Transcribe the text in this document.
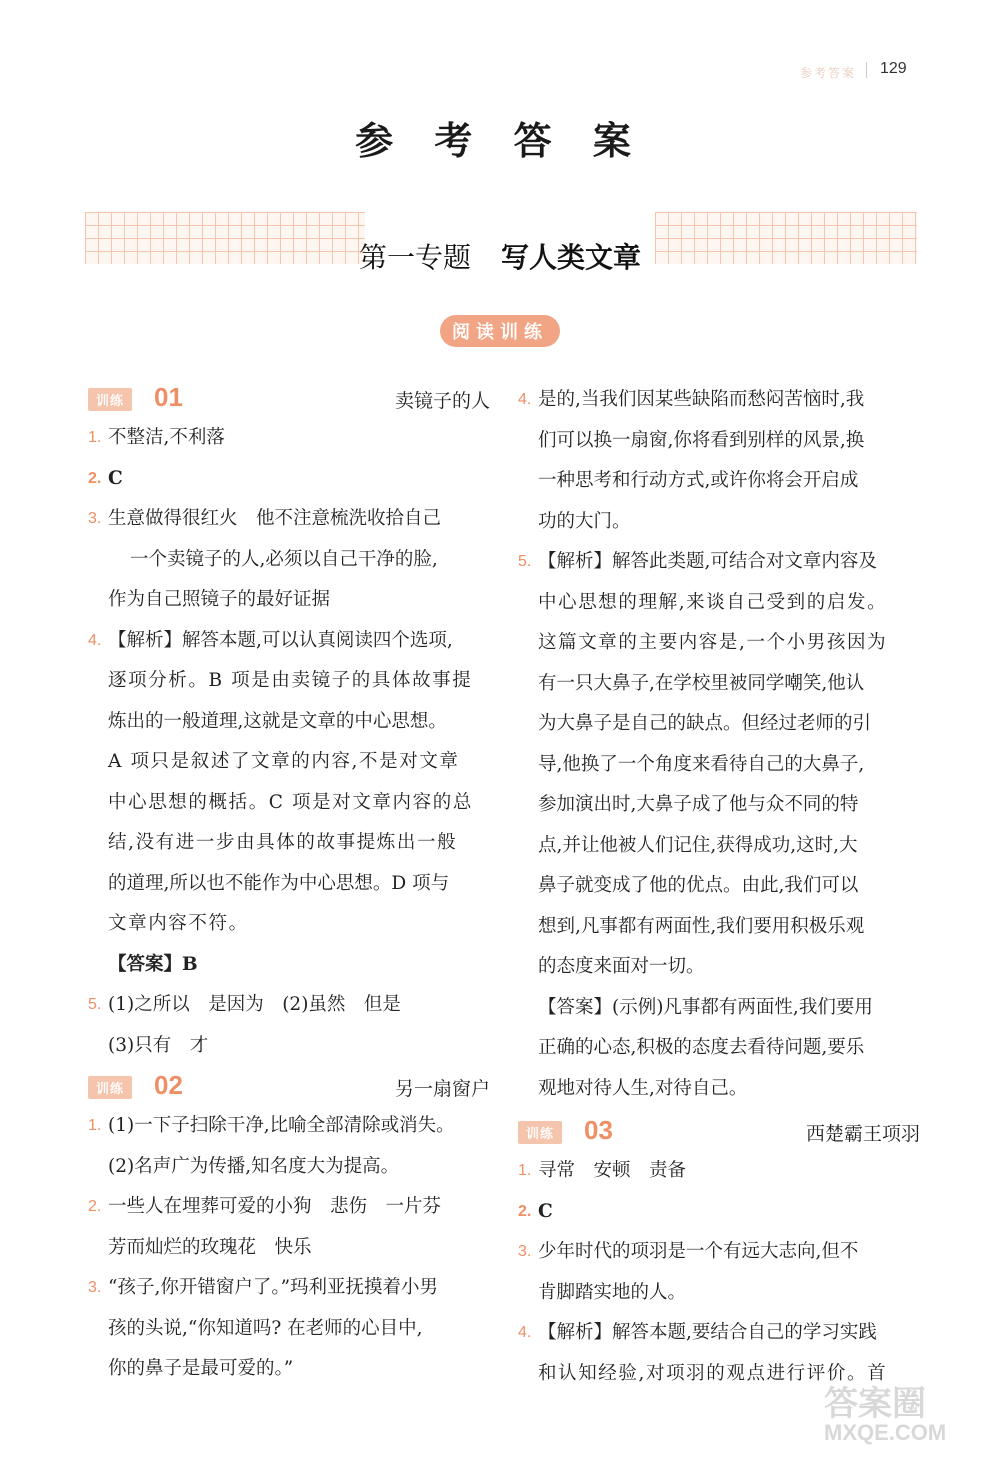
参考答案 129
参 考 答 案
第一专题 写人类文章
阅读训练
训练	01	卖镜子的人
1. 不整洁,不利落
2. C
3. 生意做得很红火　他不注意梳洗收拾自己
一个卖镜子的人,必须以自己干净的脸,
作为自己照镜子的最好证据
4. 【解析】解答本题,可以认真阅读四个选项,
逐项分析。B 项是由卖镜子的具体故事提
炼出的一般道理,这就是文章的中心思想。
A 项只是叙述了文章的内容,不是对文章
中心思想的概括。C 项是对文章内容的总
结,没有进一步由具体的故事提炼出一般
的道理,所以也不能作为中心思想。D 项与
文章内容不符。
【答案】B
5. (1)之所以　是因为　(2)虽然　但是
(3)只有　才
训练	02	另一扇窗户
1. (1)一下子扫除干净,比喻全部清除或消失。
(2)名声广为传播,知名度大为提高。
2. 一些人在埋葬可爱的小狗　悲伤　一片芬
芳而灿烂的玫瑰花　快乐
3. “孩子,你开错窗户了。”玛利亚抚摸着小男
孩的头说,“你知道吗? 在老师的心目中,
你的鼻子是最可爱的。”
4. 是的,当我们因某些缺陷而愁闷苦恼时,我
们可以换一扇窗,你将看到别样的风景,换
一种思考和行动方式,或许你将会开启成
功的大门。
5. 【解析】解答此类题,可结合对文章内容及
中心思想的理解,来谈自己受到的启发。
这篇文章的主要内容是,一个小男孩因为
有一只大鼻子,在学校里被同学嘲笑,他认
为大鼻子是自己的缺点。但经过老师的引
导,他换了一个角度来看待自己的大鼻子,
参加演出时,大鼻子成了他与众不同的特
点,并让他被人们记住,获得成功,这时,大
鼻子就变成了他的优点。由此,我们可以
想到,凡事都有两面性,我们要用积极乐观
的态度来面对一切。
【答案】(示例)凡事都有两面性,我们要用
正确的心态,积极的态度去看待问题,要乐
观地对待人生,对待自己。
训练	03	西楚霸王项羽
1. 寻常　安顿　责备
2. C
3. 少年时代的项羽是一个有远大志向,但不
肯脚踏实地的人。
4. 【解析】解答本题,要结合自己的学习实践
和认知经验,对项羽的观点进行评价。首
答案圈
MXQE.COM
